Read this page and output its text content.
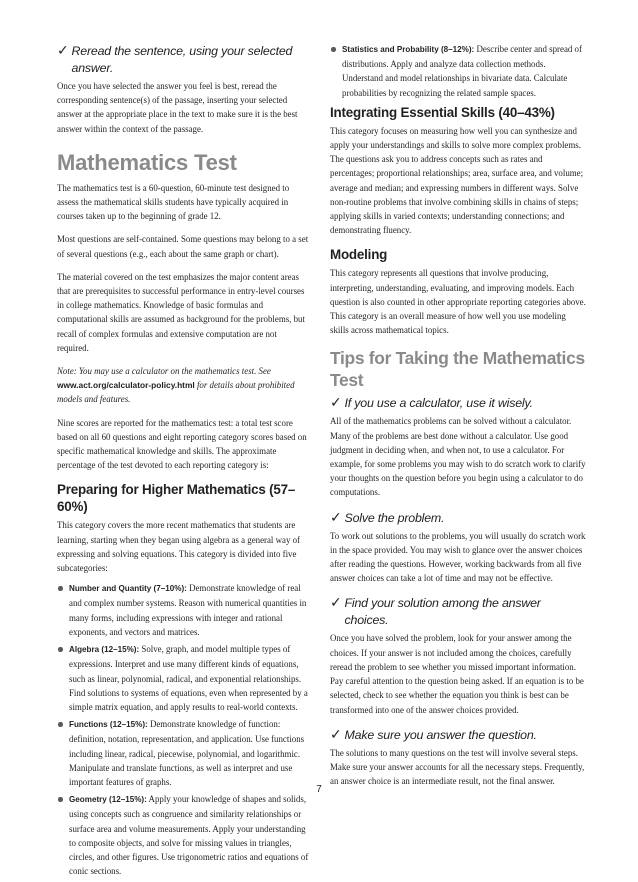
✓ Reread the sentence, using your selected answer.

Once you have selected the answer you feel is best, reread the corresponding sentence(s) of the passage, inserting your selected answer at the appropriate place in the text to make sure it is the best answer within the context of the passage.

Mathematics Test

The mathematics test is a 60-question, 60-minute test designed to assess the mathematical skills students have typically acquired in courses taken up to the beginning of grade 12.

Most questions are self-contained. Some questions may belong to a set of several questions (e.g., each about the same graph or chart).

The material covered on the test emphasizes the major content areas that are prerequisites to successful performance in entry-level courses in college mathematics. Knowledge of basic formulas and computational skills are assumed as background for the problems, but recall of complex formulas and extensive computation are not required.

Note: You may use a calculator on the mathematics test. See www.act.org/calculator-policy.html for details about prohibited models and features.

Nine scores are reported for the mathematics test: a total test score based on all 60 questions and eight reporting category scores based on specific mathematical knowledge and skills. The approximate percentage of the test devoted to each reporting category is:

Preparing for Higher Mathematics (57–60%)

This category covers the more recent mathematics that students are learning, starting when they began using algebra as a general way of expressing and solving equations. This category is divided into five subcategories:

Number and Quantity (7–10%): Demonstrate knowledge of real and complex number systems. Reason with numerical quantities in many forms, including expressions with integer and rational exponents, and vectors and matrices.
Algebra (12–15%): Solve, graph, and model multiple types of expressions. Interpret and use many different kinds of equations, such as linear, polynomial, radical, and exponential relationships. Find solutions to systems of equations, even when represented by a simple matrix equation, and apply results to real-world contexts.
Functions (12–15%): Demonstrate knowledge of function: definition, notation, representation, and application. Use functions including linear, radical, piecewise, polynomial, and logarithmic. Manipulate and translate functions, as well as interpret and use important features of graphs.
Geometry (12–15%): Apply your knowledge of shapes and solids, using concepts such as congruence and similarity relationships or surface area and volume measurements. Apply your understanding to composite objects, and solve for missing values in triangles, circles, and other figures. Use trigonometric ratios and equations of conic sections.
Statistics and Probability (8–12%): Describe center and spread of distributions. Apply and analyze data collection methods. Understand and model relationships in bivariate data. Calculate probabilities by recognizing the related sample spaces.
Integrating Essential Skills (40–43%)

This category focuses on measuring how well you can synthesize and apply your understandings and skills to solve more complex problems. The questions ask you to address concepts such as rates and percentages; proportional relationships; area, surface area, and volume; average and median; and expressing numbers in different ways. Solve non-routine problems that involve combining skills in chains of steps; applying skills in varied contexts; understanding connections; and demonstrating fluency.

Modeling

This category represents all questions that involve producing, interpreting, understanding, evaluating, and improving models. Each question is also counted in other appropriate reporting categories above. This category is an overall measure of how well you use modeling skills across mathematical topics.

Tips for Taking the Mathematics Test
✓ If you use a calculator, use it wisely.

All of the mathematics problems can be solved without a calculator. Many of the problems are best done without a calculator. Use good judgment in deciding when, and when not, to use a calculator. For example, for some problems you may wish to do scratch work to clarify your thoughts on the question before you begin using a calculator to do computations.

✓ Solve the problem.

To work out solutions to the problems, you will usually do scratch work in the space provided. You may wish to glance over the answer choices after reading the questions. However, working backwards from all five answer choices can take a lot of time and may not be effective.

✓ Find your solution among the answer choices.

Once you have solved the problem, look for your answer among the choices. If your answer is not included among the choices, carefully reread the problem to see whether you missed important information. Pay careful attention to the question being asked. If an equation is to be selected, check to see whether the equation you think is best can be transformed into one of the answer choices provided.

✓ Make sure you answer the question.

The solutions to many questions on the test will involve several steps. Make sure your answer accounts for all the necessary steps. Frequently, an answer choice is an intermediate result, not the final answer.

7
